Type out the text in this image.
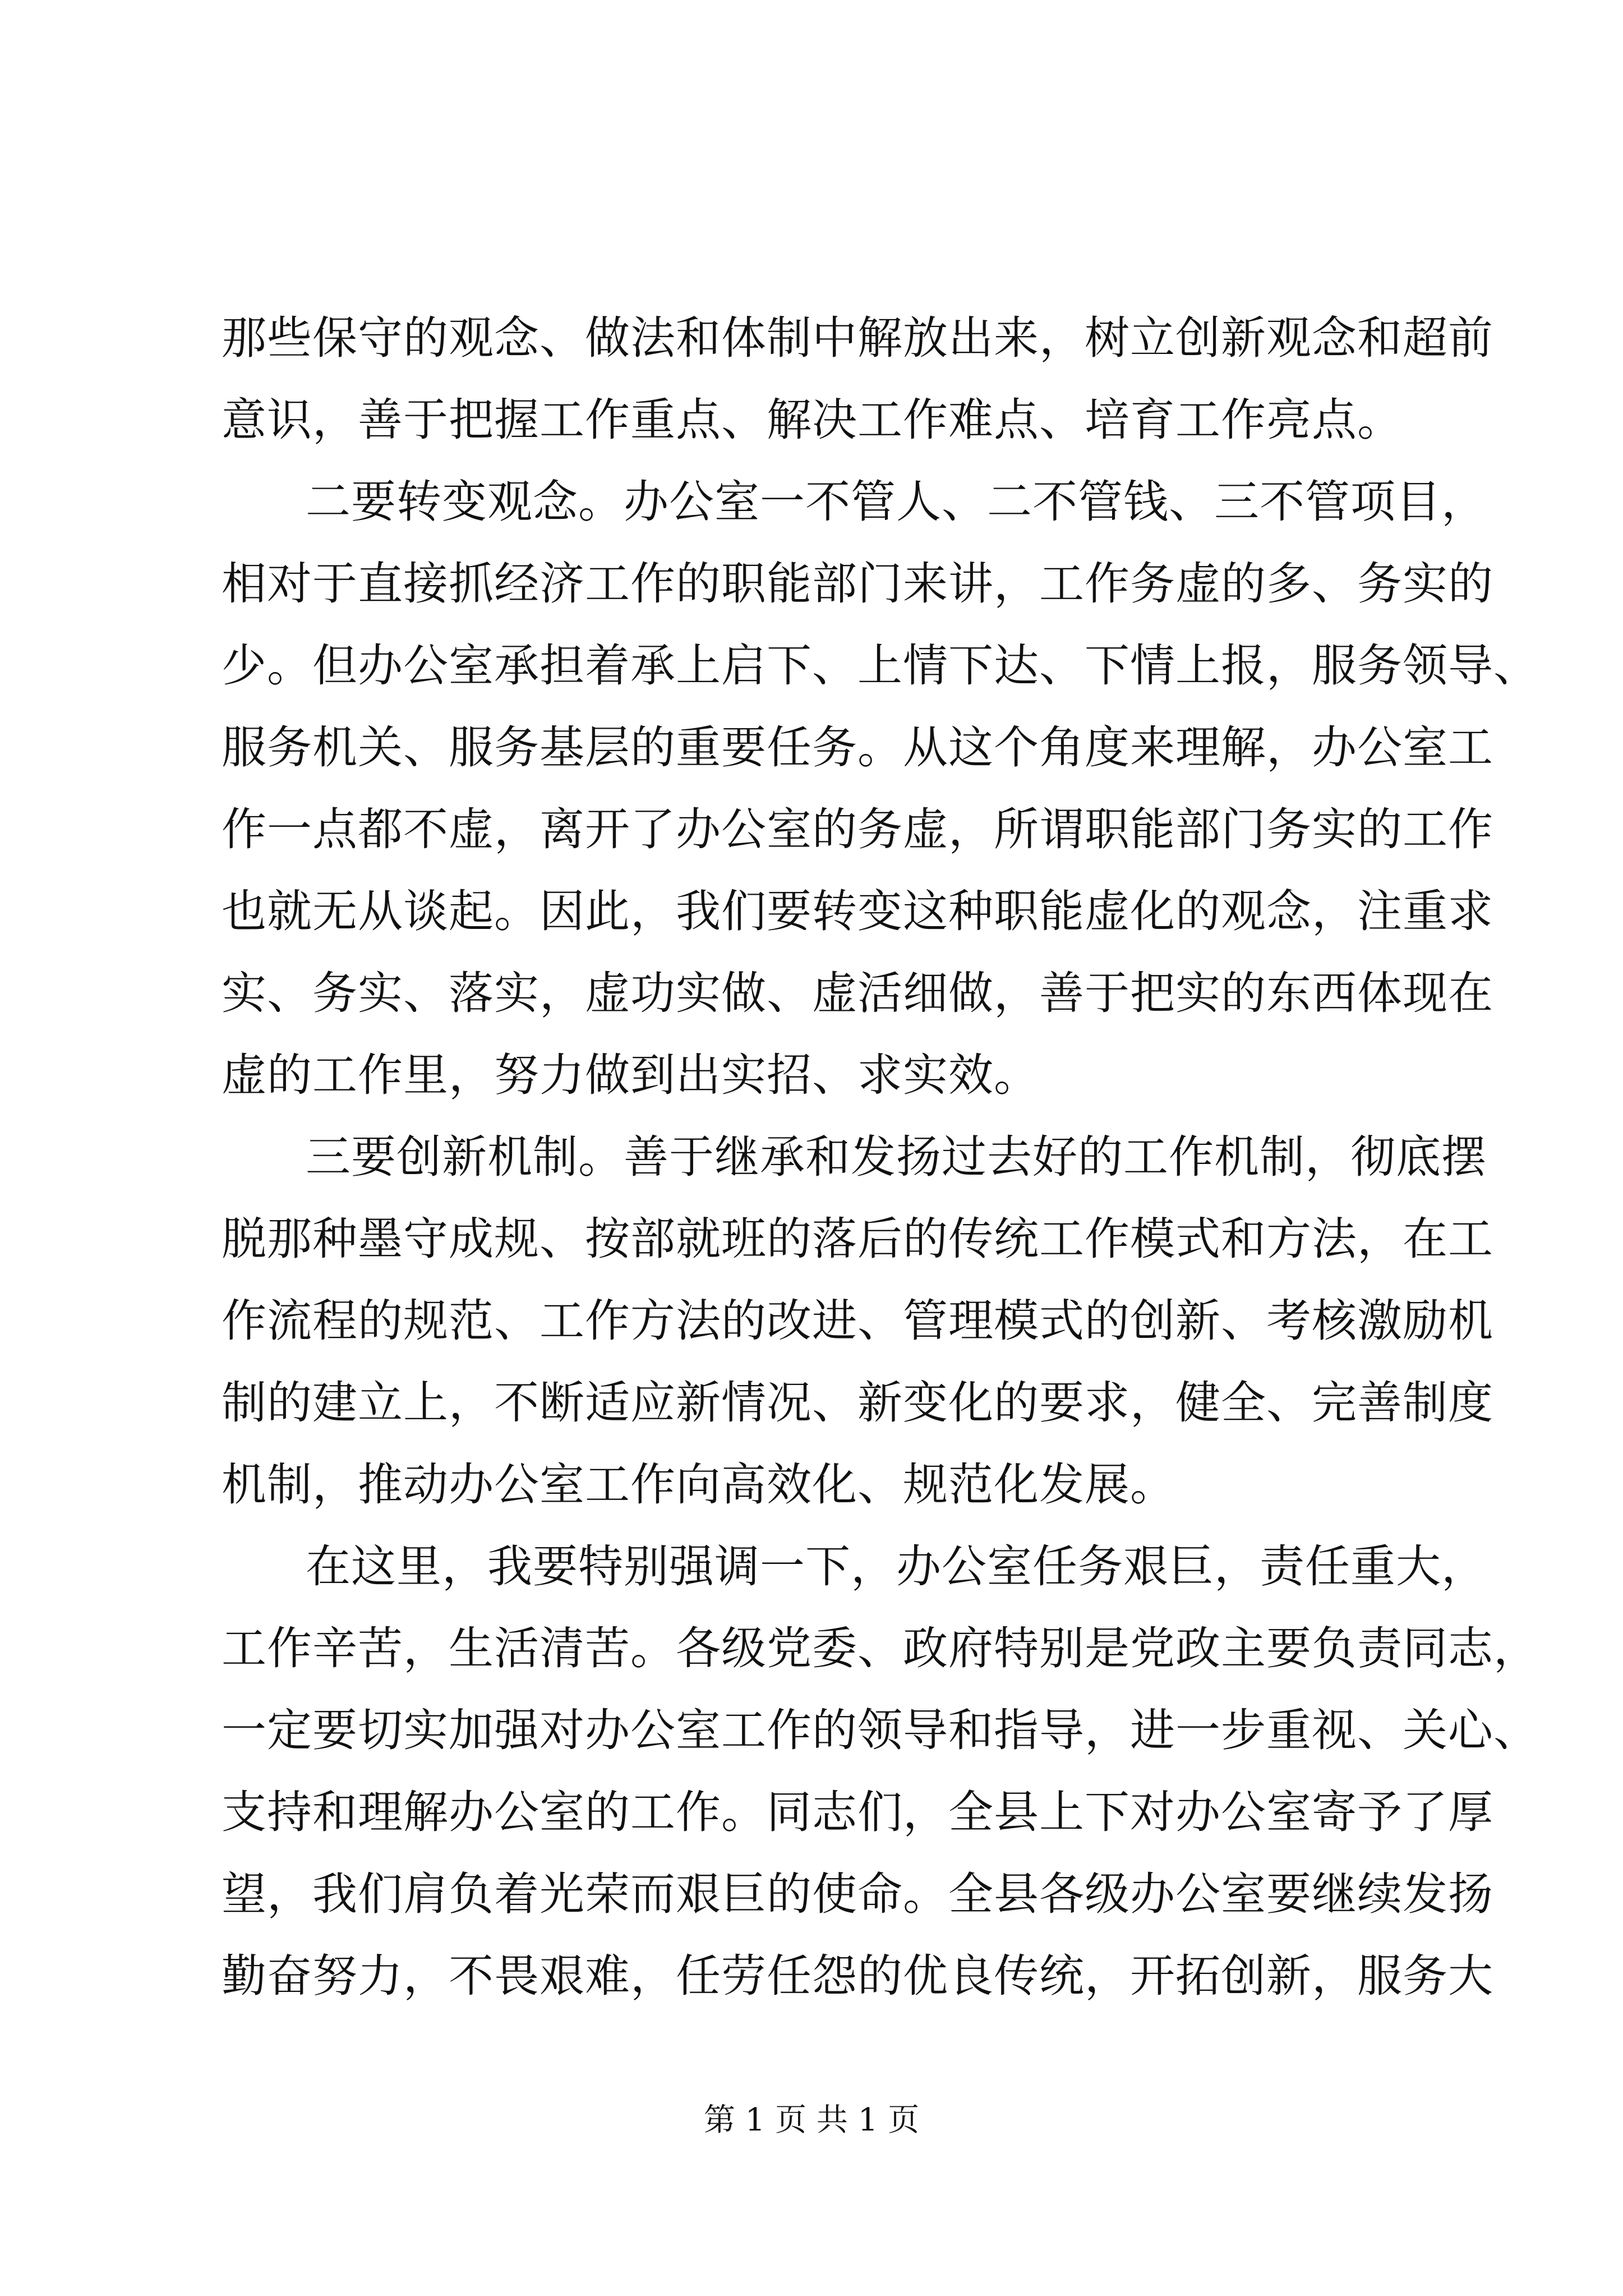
那些保守的观念、做法和体制中解放出来，树立创新观念和超前
意识，善于把握工作重点、解决工作难点、培育工作亮点。
二要转变观念。办公室一不管人、二不管钱、三不管项目，
相对于直接抓经济工作的职能部门来讲，工作务虚的多、务实的
少。但办公室承担着承上启下、上情下达、下情上报，服务领导、
服务机关、服务基层的重要任务。从这个角度来理解，办公室工
作一点都不虚，离开了办公室的务虚，所谓职能部门务实的工作
也就无从谈起。因此，我们要转变这种职能虚化的观念，注重求
实、务实、落实，虚功实做、虚活细做，善于把实的东西体现在
虚的工作里，努力做到出实招、求实效。
三要创新机制。善于继承和发扬过去好的工作机制，彻底摆
脱那种墨守成规、按部就班的落后的传统工作模式和方法，在工
作流程的规范、工作方法的改进、管理模式的创新、考核激励机
制的建立上，不断适应新情况、新变化的要求，健全、完善制度
机制，推动办公室工作向高效化、规范化发展。
在这里，我要特别强调一下，办公室任务艰巨，责任重大，
工作辛苦，生活清苦。各级党委、政府特别是党政主要负责同志，
一定要切实加强对办公室工作的领导和指导，进一步重视、关心、
支持和理解办公室的工作。同志们，全县上下对办公室寄予了厚
望，我们肩负着光荣而艰巨的使命。全县各级办公室要继续发扬
勤奋努力，不畏艰难，任劳任怨的优良传统，开拓创新，服务大
第 1 页 共 1 页
